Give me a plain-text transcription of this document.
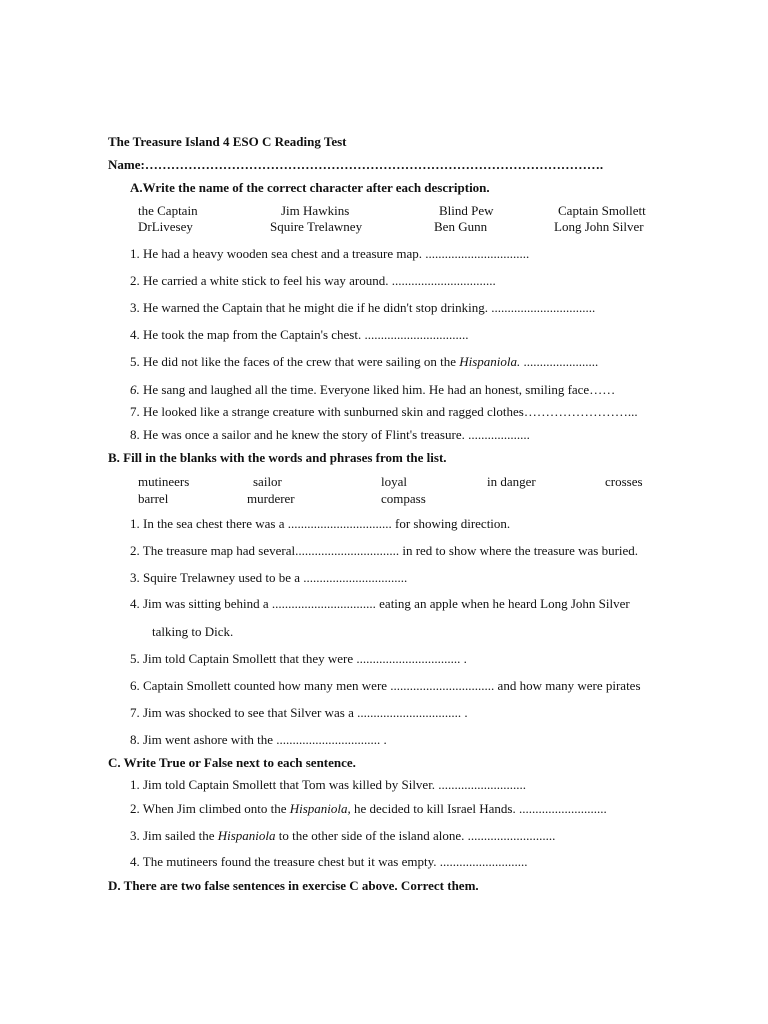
The Treasure Island 4 ESO C Reading Test
Name:…………………………………………………………………………………………….
A.Write the name of the correct character after each description.
the Captain	Jim Hawkins	Blind Pew	Captain Smollett
DrLivesey	Squire Trelawney	Ben Gunn	Long John Silver
1. He had a heavy wooden sea chest and a treasure map. ................................
2. He carried a white stick to feel his way around. ................................
3. He warned the Captain that he might die if he didn't stop drinking. ................................
4. He took the map from the Captain's chest. ................................
5. He did not like the faces of the crew that were sailing on the Hispaniola. .......................
6. He sang and laughed all the time. Everyone liked him. He had an honest, smiling face……
7. He looked like a strange creature with sunburned skin and ragged clothes……………………...
8. He was once a sailor and he knew the story of Flint's treasure. ...................
B. Fill in the blanks with the words and phrases from the list.
mutineers	sailor	loyal	in danger	crosses
barrel	murderer	compass
1. In the sea chest there was a ................................ for showing direction.
2. The treasure map had several................................ in red to show where the treasure was buried.
3. Squire Trelawney used to be a ................................
4. Jim was sitting behind a ................................ eating an apple when he heard Long John Silver
talking to Dick.
5. Jim told Captain Smollett that they were ................................ .
6. Captain Smollett counted how many men were ................................ and how many were pirates
7. Jim was shocked to see that Silver was a ................................ .
8. Jim went ashore with the ................................ .
C. Write True or False next to each sentence.
1. Jim told Captain Smollett that Tom was killed by Silver. ...........................
2. When Jim climbed onto the Hispaniola, he decided to kill Israel Hands. ...........................
3. Jim sailed the Hispaniola to the other side of the island alone. ...........................
4. The mutineers found the treasure chest but it was empty. ...........................
D. There are two false sentences in exercise C above. Correct them.
